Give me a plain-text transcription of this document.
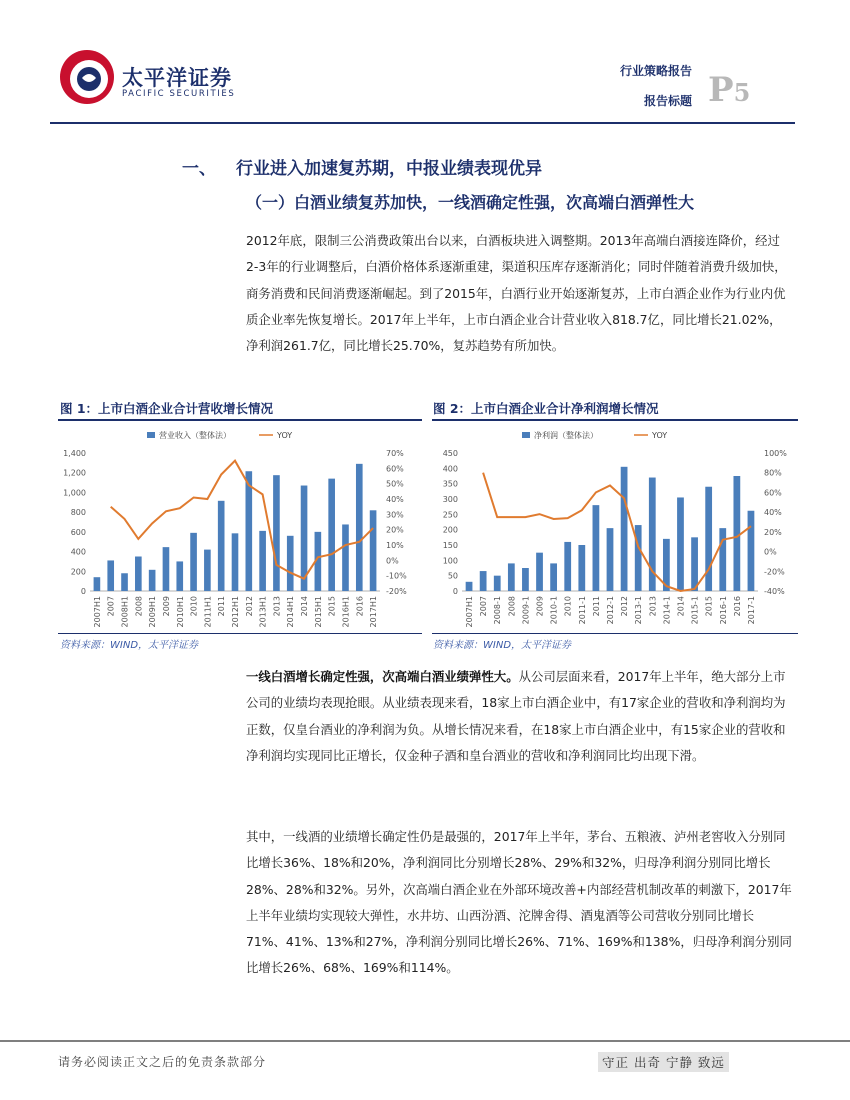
太平洋证券
PACIFIC SECURITIES
行业策略报告
报告标题 P5
一、 行业进入加速复苏期，中报业绩表现优异
（一）白酒业绩复苏加快，一线酒确定性强，次高端白酒弹性大

2012年底，限制三公消费政策出台以来，白酒板块进入调整期。2013年高端白酒接连降价，经过2-3年的行业调整后，白酒价格体系逐渐重建，渠道积压库存逐渐消化；同时伴随着消费升级加快，商务消费和民间消费逐渐崛起。到了2015年，白酒行业开始逐渐复苏，上市白酒企业作为行业内优质企业率先恢复增长。2017年上半年，上市白酒企业合计营业收入818.7亿，同比增长21.02%，净利润261.7亿，同比增长25.70%，复苏趋势有所加快。

图 1：上市白酒企业合计营收增长情况	图 2：上市白酒企业合计净利润增长情况
营业收入（整体法）	YOY
0
200
400
600
800
1,000
1,200
1,400
-20%
-10%
0%
10%
20%
30%
40%
50%
60%
70%
2007H1 2007 2008H1 2008 2009H1 2009 2010H1 2010 2011H1 2011 2012H1 2012 2013H1 2013 2014H1 2014 2015H1 2015 2016H1 2016 2017H1
净利润（整体法）	YOY
0
50
100
150
200
250
300
350
400
450
-40%
-20%
0%
20%
40%
60%
80%
100%
2007H1 2007 2008-1 2008 2009-1 2009 2010-1 2010 2011-1 2011 2012-1 2012 2013-1 2013 2014-1 2014 2015-1 2015 2016-1 2016 2017-1
资料来源：WIND，太平洋证券	资料来源：WIND，太平洋证券

一线白酒增长确定性强，次高端白酒业绩弹性大。从公司层面来看，2017年上半年，绝大部分上市公司的业绩均表现抢眼。从业绩表现来看，18家上市白酒企业中，有17家企业的营收和净利润均为正数，仅皇台酒业的净利润为负。从增长情况来看，在18家上市白酒企业中，有15家企业的营收和净利润均实现同比正增长，仅金种子酒和皇台酒业的营收和净利润同比均出现下滑。

其中，一线酒的业绩增长确定性仍是最强的，2017年上半年，茅台、五粮液、泸州老窖收入分别同比增长36%、18%和20%，净利润同比分别增长28%、29%和32%，归母净利润分别同比增长28%、28%和32%。另外，次高端白酒企业在外部环境改善+内部经营机制改革的刺激下，2017年上半年业绩均实现较大弹性，水井坊、山西汾酒、沱牌舍得、酒鬼酒等公司营收分别同比增长71%、41%、13%和27%，净利润分别同比增长26%、71%、169%和138%，归母净利润分别同比增长26%、68%、169%和114%。

请务必阅读正文之后的免责条款部分	守正 出奇 宁静 致远
